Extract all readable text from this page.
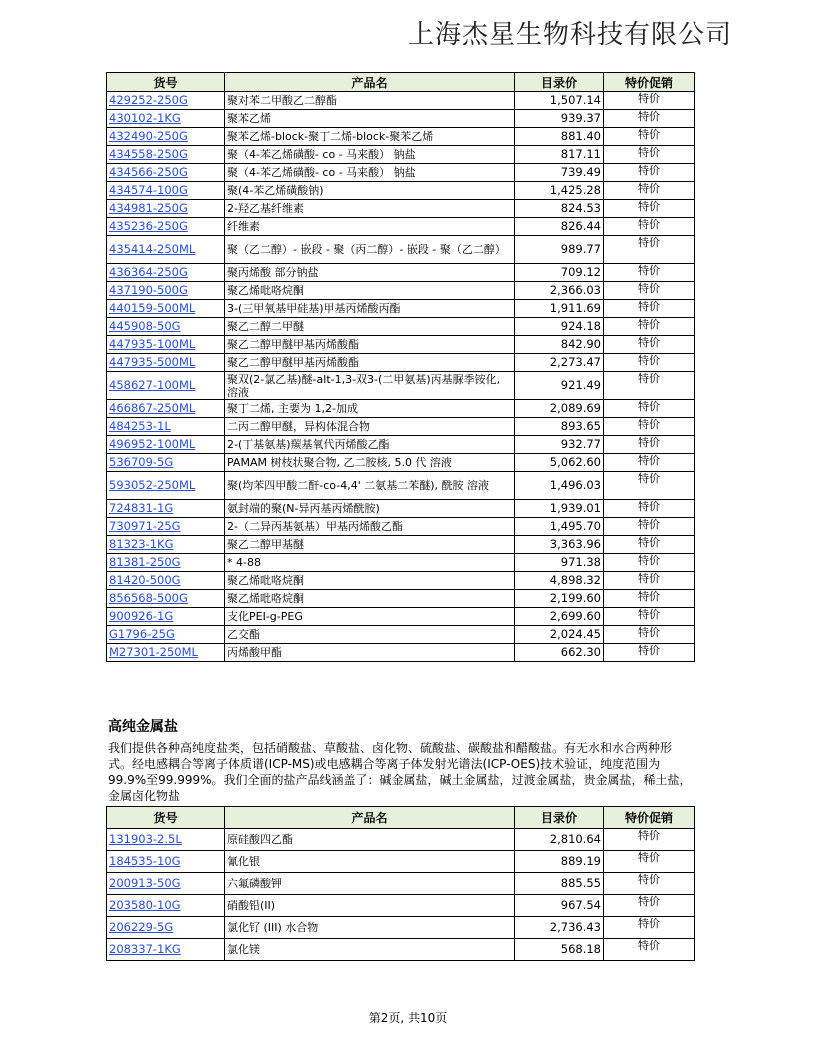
上海杰星生物科技有限公司
货号	产品名	目录价	特价促销
429252-250G	聚对苯二甲酸乙二醇酯	1,507.14	特价
430102-1KG	聚苯乙烯	939.37	特价
432490-250G	聚苯乙烯-block-聚丁二烯-block-聚苯乙烯	881.40	特价
434558-250G	聚（4-苯乙烯磺酸- co - 马来酸） 钠盐	817.11	特价
434566-250G	聚（4-苯乙烯磺酸- co - 马来酸） 钠盐	739.49	特价
434574-100G	聚(4-苯乙烯磺酸钠)	1,425.28	特价
434981-250G	2-羟乙基纤维素	824.53	特价
435236-250G	纤维素	826.44	特价
435414-250ML	聚（乙二醇）- 嵌段 - 聚（丙二醇）- 嵌段 - 聚（乙二醇）	989.77	特价
436364-250G	聚丙烯酸 部分钠盐	709.12	特价
437190-500G	聚乙烯吡咯烷酮	2,366.03	特价
440159-500ML	3-(三甲氧基甲硅基)甲基丙烯酸丙酯	1,911.69	特价
445908-50G	聚乙二醇二甲醚	924.18	特价
447935-100ML	聚乙二醇甲醚甲基丙烯酸酯	842.90	特价
447935-500ML	聚乙二醇甲醚甲基丙烯酸酯	2,273.47	特价
458627-100ML	聚双(2-氯乙基)醚-alt-1,3-双3-(二甲氨基)丙基脲季铵化, 溶液	921.49	特价
466867-250ML	聚丁二烯, 主要为 1,2-加成	2,089.69	特价
484253-1L	二丙二醇甲醚，异构体混合物	893.65	特价
496952-100ML	2-(丁基氨基)羰基氧代丙烯酸乙酯	932.77	特价
536709-5G	PAMAM 树枝状聚合物, 乙二胺核, 5.0 代 溶液	5,062.60	特价
593052-250ML	聚(均苯四甲酸二酐-co-4,4' 二氨基二苯醚), 酰胺 溶液	1,496.03	特价
724831-1G	氨封端的聚(N-异丙基丙烯酰胺)	1,939.01	特价
730971-25G	2-（二异丙基氨基）甲基丙烯酸乙酯	1,495.70	特价
81323-1KG	聚乙二醇甲基醚	3,363.96	特价
81381-250G	* 4-88	971.38	特价
81420-500G	聚乙烯吡咯烷酮	4,898.32	特价
856568-500G	聚乙烯吡咯烷酮	2,199.60	特价
900926-1G	支化PEI-g-PEG	2,699.60	特价
G1796-25G	乙交酯	2,024.45	特价
M27301-250ML	丙烯酸甲酯	662.30	特价
高纯金属盐
我们提供各种高纯度盐类，包括硝酸盐、草酸盐、卤化物、硫酸盐、碳酸盐和醋酸盐。有无水和水合两种形式。经电感耦合等离子体质谱(ICP-MS)或电感耦合等离子体发射光谱法(ICP-OES)技术验证，纯度范围为99.9%至99.999%。我们全面的盐产品线涵盖了：碱金属盐，碱土金属盐，过渡金属盐，贵金属盐，稀土盐，金属卤化物盐
货号	产品名	目录价	特价促销
131903-2.5L	原硅酸四乙酯	2,810.64	特价
184535-10G	氰化银	889.19	特价
200913-50G	六氟磷酸钾	885.55	特价
203580-10G	硝酸铅(II)	967.54	特价
206229-5G	氯化钌 (III) 水合物	2,736.43	特价
208337-1KG	氯化镁	568.18	特价
第2页, 共10页
